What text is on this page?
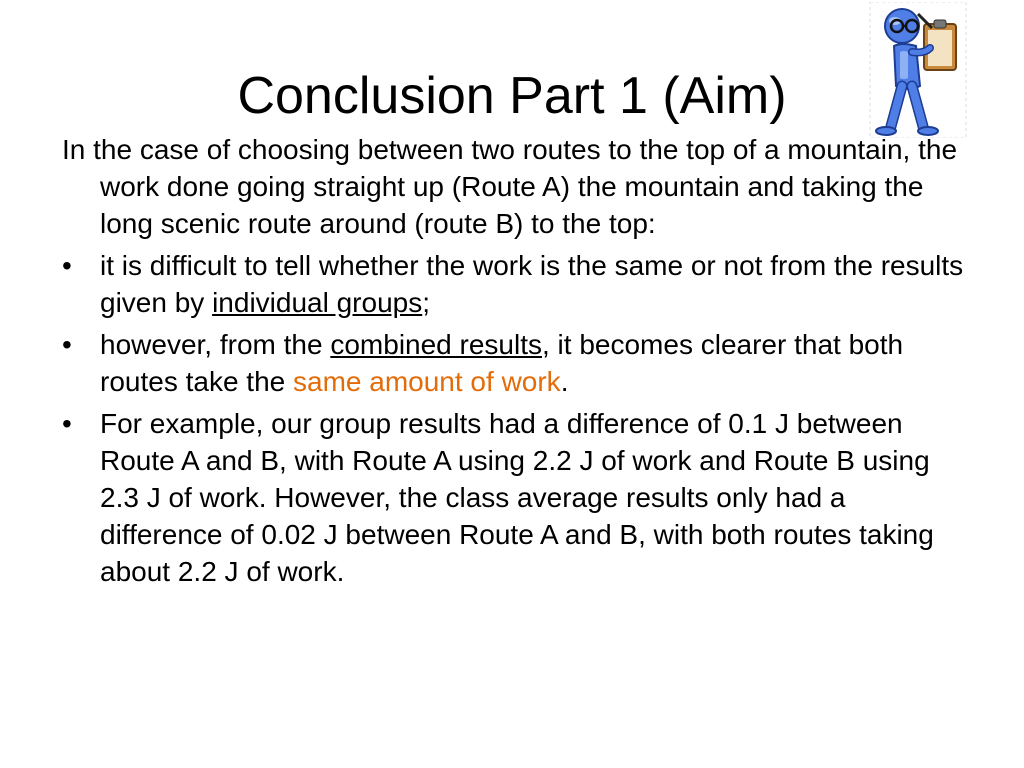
Conclusion Part 1 (Aim)

In the case of choosing between two routes to the top of a mountain, the work done going straight up (Route A) the mountain and taking the long scenic route around (route B) to the top:

• it is difficult to tell whether the work is the same or not from the results given by individual groups;
• however, from the combined results, it becomes clearer that both routes take the same amount of work.
• For example, our group results had a difference of 0.1 J between Route A and B, with Route A using 2.2 J of work and Route B using 2.3 J of work. However, the class average results only had a difference of 0.02 J between Route A and B, with both routes taking about 2.2 J of work.
